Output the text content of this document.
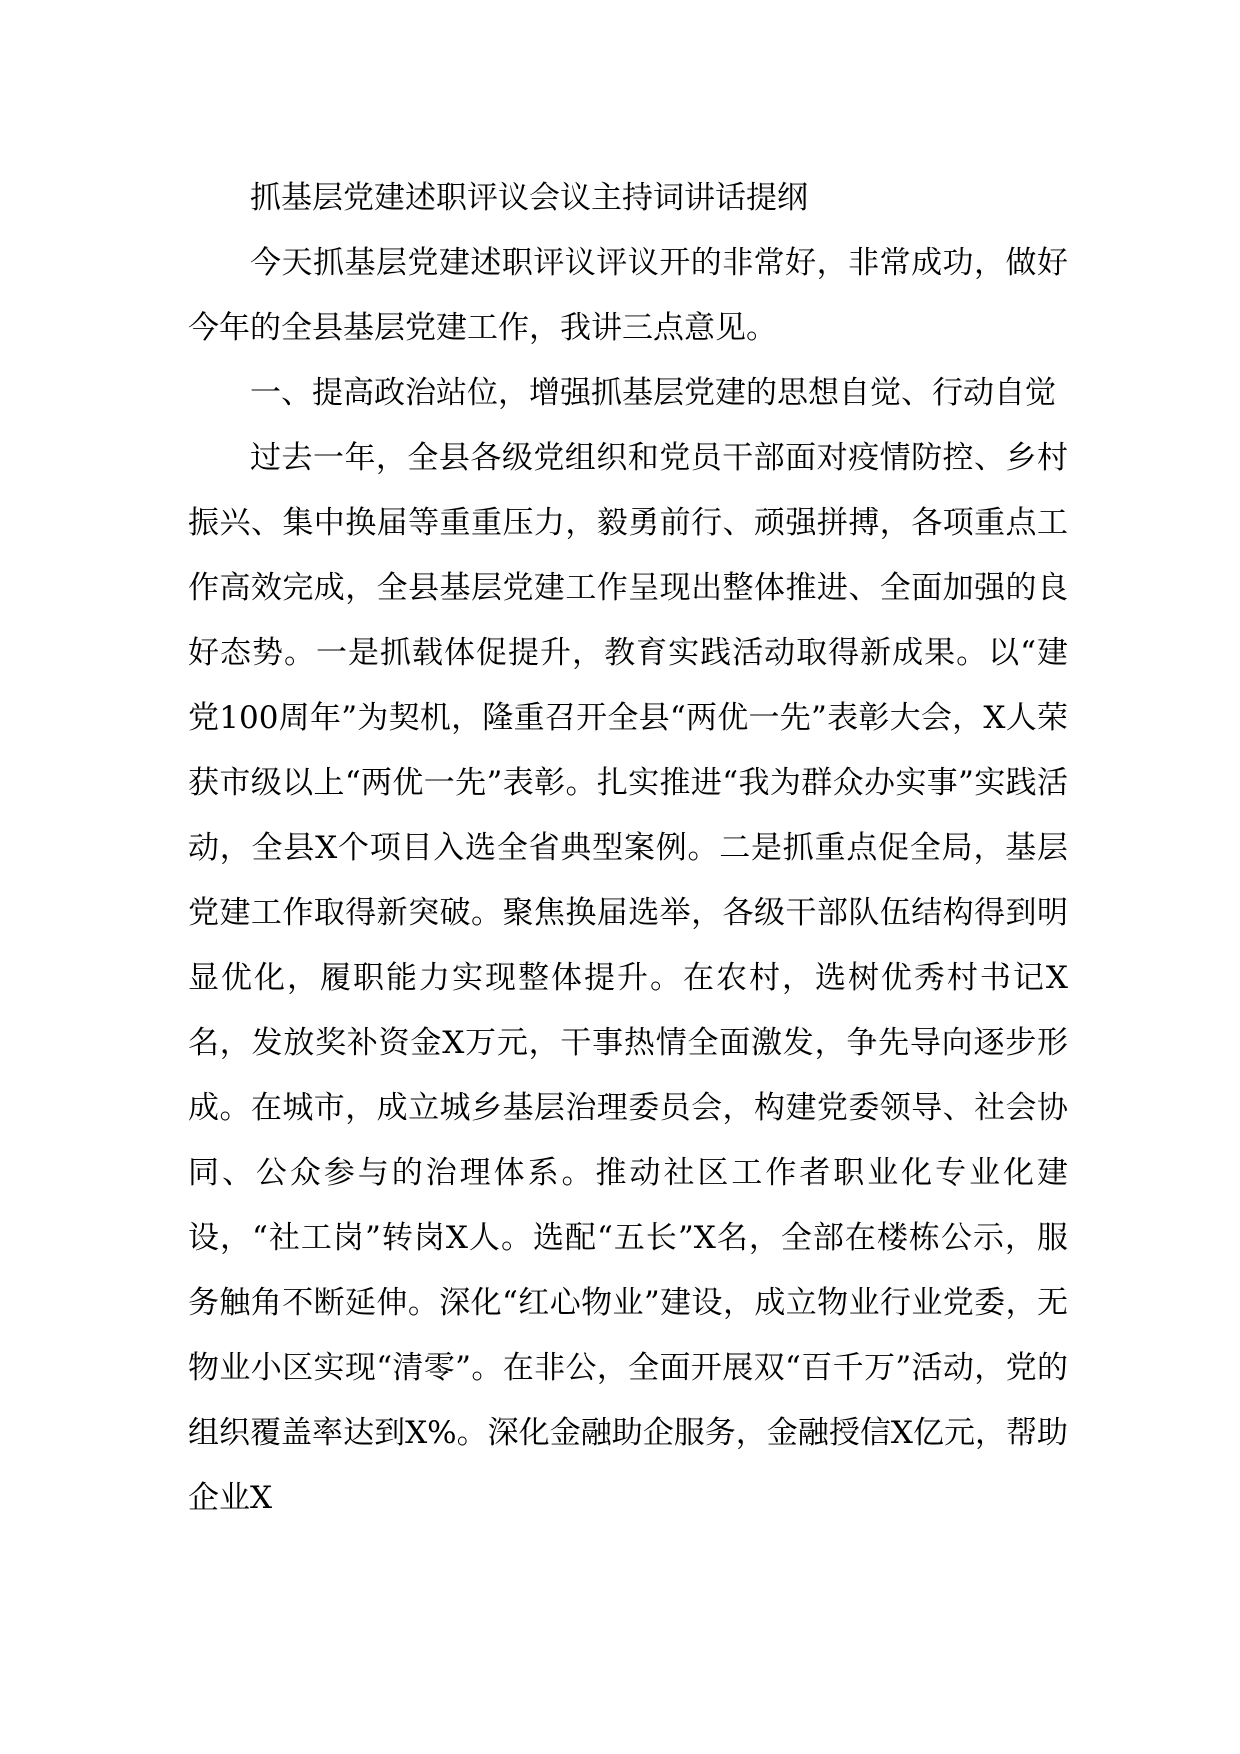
抓基层党建述职评议会议主持词讲话提纲

今天抓基层党建述职评议评议开的非常好，非常成功，做好今年的全县基层党建工作，我讲三点意见。

一、提高政治站位，增强抓基层党建的思想自觉、行动自觉

过去一年，全县各级党组织和党员干部面对疫情防控、乡村振兴、集中换届等重重压力，毅勇前行、顽强拼搏，各项重点工作高效完成，全县基层党建工作呈现出整体推进、全面加强的良好态势。一是抓载体促提升，教育实践活动取得新成果。以“建党100周年”为契机，隆重召开全县“两优一先”表彰大会，X人荣获市级以上“两优一先”表彰。扎实推进“我为群众办实事”实践活动，全县X个项目入选全省典型案例。二是抓重点促全局，基层党建工作取得新突破。聚焦换届选举，各级干部队伍结构得到明显优化，履职能力实现整体提升。在农村，选树优秀村书记X名，发放奖补资金X万元，干事热情全面激发，争先导向逐步形成。在城市，成立城乡基层治理委员会，构建党委领导、社会协同、公众参与的治理体系。推动社区工作者职业化专业化建设，“社工岗”转岗X人。选配“五长”X名，全部在楼栋公示，服务触角不断延伸。深化“红心物业”建设，成立物业行业党委，无物业小区实现“清零”。在非公，全面开展双“百千万”活动，党的组织覆盖率达到X%。深化金融助企服务，金融授信X亿元，帮助企业X
